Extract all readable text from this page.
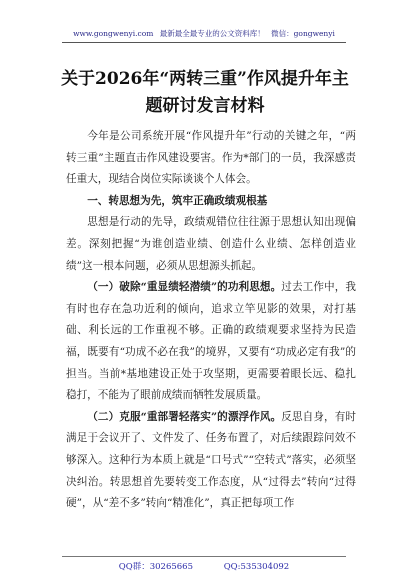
www.gongwenyi.com 最新最全最专业的公文资料库！ 微信：gongwenyi
关于2026年“两转三重”作风提升年主题研讨发言材料

今年是公司系统开展“作风提升年”行动的关键之年，“两转三重”主题直击作风建设要害。作为*部门的一员，我深感责任重大，现结合岗位实际谈谈个人体会。

一、转思想为先，筑牢正确政绩观根基

思想是行动的先导，政绩观错位往往源于思想认知出现偏差。深刻把握“为谁创造业绩、创造什么业绩、怎样创造业绩”这一根本问题，必须从思想源头抓起。

（一）破除“重显绩轻潜绩”的功利思想。过去工作中，我有时也存在急功近利的倾向，追求立竿见影的效果，对打基础、利长远的工作重视不够。正确的政绩观要求坚持为民造福，既要有“功成不必在我”的境界，又要有“功成必定有我”的担当。当前*基地建设正处于攻坚期，更需要着眼长远、稳扎稳打，不能为了眼前成绩而牺牲发展质量。

（二）克服“重部署轻落实”的漂浮作风。反思自身，有时满足于会议开了、文件发了、任务布置了，对后续跟踪问效不够深入。这种行为本质上就是“口号式”“空转式”落实，必须坚决纠治。转思想首先要转变工作态度，从“过得去”转向“过得硬”，从“差不多”转向“精准化”，真正把每项工作

QQ群：30265665	QQ:535304092
